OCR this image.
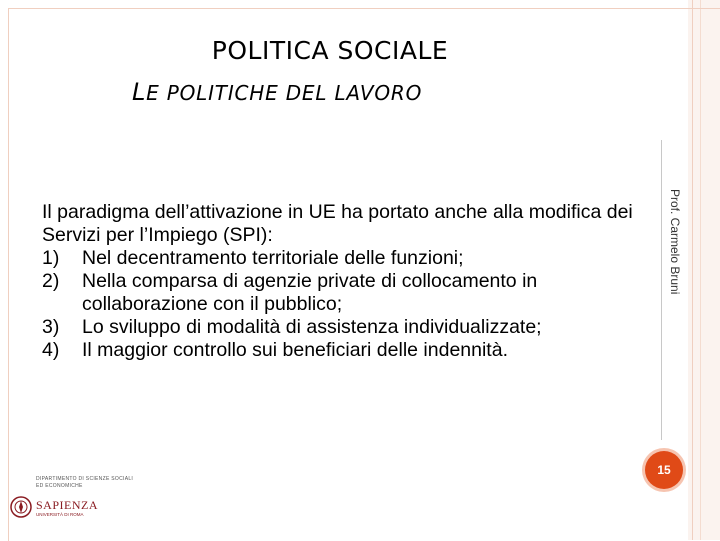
POLITICA SOCIALE
LE POLITICHE DEL LAVORO
Prof. Carmelo Bruni

Il paradigma dell’attivazione in UE ha portato anche alla modifica dei Servizi per l’Impiego (SPI):

1)	Nel decentramento territoriale delle funzioni;
2)	Nella comparsa di agenzie private di collocamento in collaborazione con il pubblico;
3)	Lo sviluppo di modalità di assistenza individualizzate;
4)	Il maggior controllo sui beneficiari delle indennità.
15
DIPARTIMENTO DI SCIENZE SOCIALI
ED ECONOMICHE
SAPIENZA
UNIVERSITÀ DI ROMA
